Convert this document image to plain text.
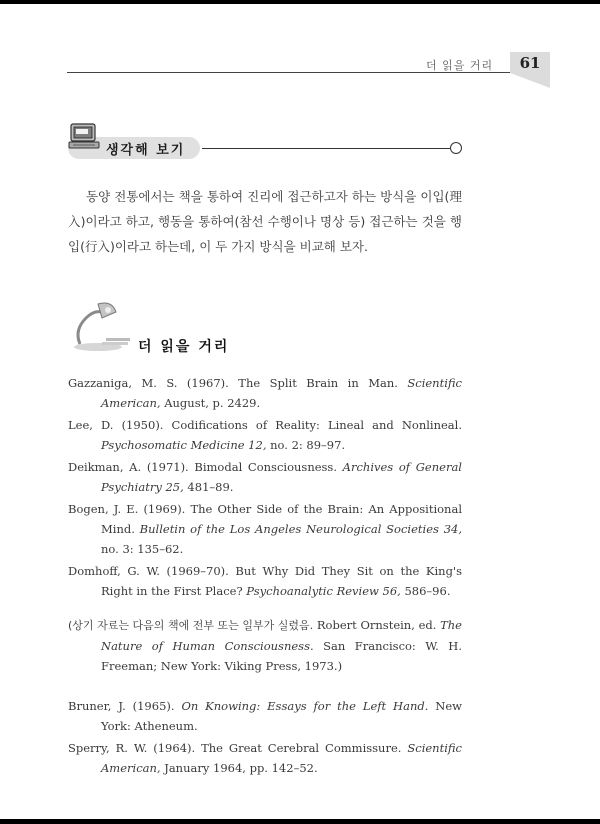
더 읽을 거리	61
생각해 보기
동양 전통에서는 책을 통하여 진리에 접근하고자 하는 방식을 이입(理入)이라고 하고, 행동을 통하여(참선 수행이나 명상 등) 접근하는 것을 행입(行入)이라고 하는데, 이 두 가지 방식을 비교해 보자.
더 읽을 거리
Gazzaniga, M. S. (1967). The Split Brain in Man. Scientific American, August, p. 2429.
Lee, D. (1950). Codifications of Reality: Lineal and Nonlineal. Psychosomatic Medicine 12, no. 2: 89–97.
Deikman, A. (1971). Bimodal Consciousness. Archives of General Psychiatry 25, 481–89.
Bogen, J. E. (1969). The Other Side of the Brain: An Appositional Mind. Bulletin of the Los Angeles Neurological Societies 34, no. 3: 135–62.
Domhoff, G. W. (1969–70). But Why Did They Sit on the King's Right in the First Place? Psychoanalytic Review 56, 586–96.
(상기 자료는 다음의 책에 전부 또는 일부가 실렸음. Robert Ornstein, ed. The Nature of Human Consciousness. San Francisco: W. H. Freeman; New York: Viking Press, 1973.)
Bruner, J. (1965). On Knowing: Essays for the Left Hand. New York: Atheneum.
Sperry, R. W. (1964). The Great Cerebral Commissure. Scientific American, January 1964, pp. 142–52.
